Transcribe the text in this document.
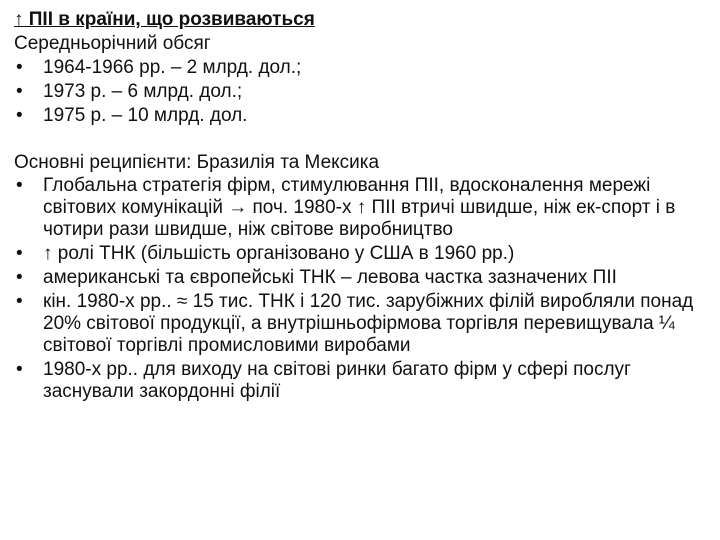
↑ ПІІ в країни, що розвиваються

Середньорічний обсяг

• 1964-1966 рр. – 2 млрд. дол.;
• 1973 р. – 6 млрд. дол.;
• 1975 р. – 10 млрд. дол.

Основні реципієнти: Бразилія та Мексика

• Глобальна стратегія фірм, стимулювання ПІІ, вдосконалення мережі світових комунікацій → поч. 1980-х ↑ ПІІ втричі швидше, ніж ек-спорт і в чотири рази швидше, ніж світове виробництво
• ↑ ролі ТНК (більшість організовано у США в 1960 рр.)
• американські та європейські ТНК – левова частка зазначених ПІІ
• кін. 1980-х рр.. ≈ 15 тис. ТНК і 120 тис. зарубіжних філій виробляли понад 20% світової продукції, а внутрішньофірмова торгівля перевищувала ¼ світової торгівлі промисловими виробами
• 1980-х рр.. для виходу на світові ринки багато фірм у сфері послуг заснували закордонні філії
